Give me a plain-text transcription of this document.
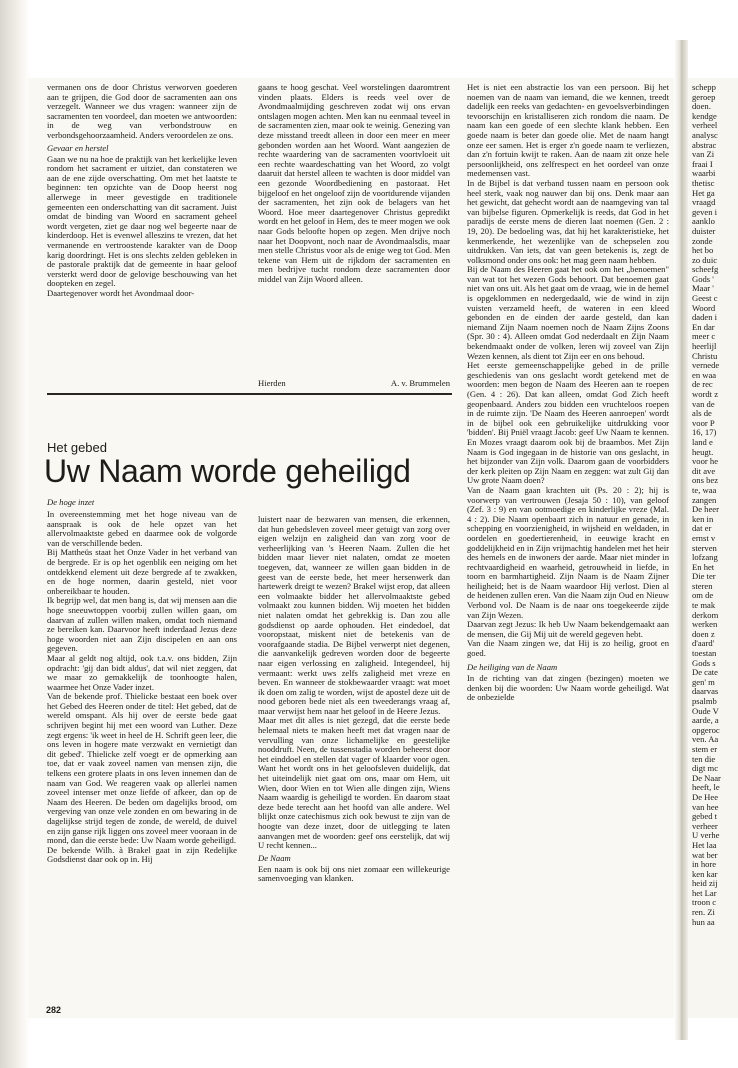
schepp

geroep

doen.

kendge

verheel

analysc

abstrac

van Zi

fraai I

waarbi

thetisc

Het ga

vraagd

geven i

aanklo

duister

zonde

het bo

zo duic

scheefg

Gods '

Maar '

Geest c

Woord

daden i

En dar

meer c

heerlijl

Christu

vernede

en waa

de rec

wordt z

van de

als de

voor P

16, 17)

land e

heugt.

voor he

dit ave

ons bez

te, waa

zangen

De heer

ken in

dat er

ernst v

sterven

lofzang

En het

Die ter

steren

om de

te mak

derkom

werken

doen z

d'aard'

toestan

Gods s

De cate

gen' m

daarvas

psalmb

Oude V

aarde, a

opgeroc

ven. Aa

stem er

ten die

digt mc

De Naar

heeft, le

De Hee

van hee

gebed t

verheer

U verhe

Het laa

wat ber

in hore

ken kar

heid zij

het Lar

troon c

ren. Zi

hun aa

vermanen ons de door Christus verworven goederen aan te grijpen, die God door de sacramenten aan ons verzegelt. Wanneer we dus vragen: wanneer zijn de sacramenten ten voordeel, dan moeten we antwoorden: in de weg van verbondstrouw en verbondsgehoorzaamheid. Anders veroordelen ze ons.

Gevaar en herstel

Gaan we nu na hoe de praktijk van het kerkelijke leven rondom het sacrament er uitziet, dan constateren we aan de ene zijde overschatting. Om met het laatste te beginnen: ten opzichte van de Doop heerst nog allerwege in meer gevestigde en traditionele gemeenten een onderschatting van dit sacrament. Juist omdat de binding van Woord en sacrament geheel wordt vergeten, ziet ge daar nog wel begeerte naar de kinderdoop. Het is evenwel alleszins te vrezen, dat het vermanende en vertroostende karakter van de Doop karig doordringt. Het is ons slechts zelden gebleken in de pastorale praktijk dat de gemeente in haar geloof versterkt werd door de gelovige beschouwing van het doopteken en zegel.

Daartegenover wordt het Avondmaal door-

gaans te hoog geschat. Veel worstelingen daaromtrent vinden plaats. Elders is reeds veel over de Avondmaalmijding geschreven zodat wij ons ervan ontslagen mogen achten. Men kan nu eenmaal teveel in de sacramenten zien, maar ook te weinig. Genezing van deze misstand treedt alleen in door een meer en meer gebonden worden aan het Woord. Want aangezien de rechte waardering van de sacramenten voortvloeit uit een rechte waardeschatting van het Woord, zo volgt daaruit dat herstel alleen te wachten is door middel van een gezonde Woordbediening en pastoraat. Het bijgeloof en het ongeloof zijn de voortdurende vijanden der sacramenten, het zijn ook de belagers van het Woord. Hoe meer daartegenover Christus gepredikt wordt en het geloof in Hem, des te meer mogen we ook naar Gods beloofte hopen op zegen. Men drijve noch naar het Doopvont, noch naar de Avondmaalsdis, maar men stelle Christus voor als de enige weg tot God. Men tekene van Hem uit de rijkdom der sacramenten en men bedrijve tucht rondom deze sacramenten door middel van Zijn Woord alleen.

Hierden	A. v. Brummelen
Het gebed
Uw Naam worde geheiligd
De hoge inzet

In overeenstemming met het hoge niveau van de aanspraak is ook de hele opzet van het allervolmaaktste gebed en daarmee ook de volgorde van de verschillende beden.

Bij Mattheüs staat het Onze Vader in het verband van de bergrede. Er is op het ogenblik een neiging om het ontdekkend element uit deze bergrede af te zwakken, en de hoge normen, daarin gesteld, niet voor onbereikbaar te houden.

Ik begrijp wel, dat men bang is, dat wij mensen aan die hoge sneeuwtoppen voorbij zullen willen gaan, om daarvan af zullen willen maken, omdat toch niemand ze bereiken kan. Daarvoor heeft inderdaad Jezus deze hoge woorden niet aan Zijn discipelen en aan ons gegeven.

Maar al geldt nog altijd, ook t.a.v. ons bidden, Zijn opdracht: 'gij dan bidt aldus', dat wil niet zeggen, dat we maar zo gemakkelijk de toonhoogte halen, waarmee het Onze Vader inzet.

Van de bekende prof. Thielicke bestaat een boek over het Gebed des Heeren onder de titel: Het gebed, dat de wereld omspant. Als hij over de eerste bede gaat schrijven begint hij met een woord van Luther. Deze zegt ergens: 'ik weet in heel de H. Schrift geen leer, die ons leven in hogere mate verzwakt en vernietigt dan dit gebed'. Thielicke zelf voegt er de opmerking aan toe, dat er vaak zoveel namen van mensen zijn, die telkens een grotere plaats in ons leven innemen dan de naam van God. We reageren vaak op allerlei namen zoveel intenser met onze liefde of afkeer, dan op de Naam des Heeren. De beden om dagelijks brood, om vergeving van onze vele zonden en om bewaring in de dagelijkse strijd tegen de zonde, de wereld, de duivel en zijn ganse rijk liggen ons zoveel meer vooraan in de mond, dan die eerste bede: Uw Naam worde geheiligd.

De bekende Wilh. à Brakel gaat in zijn Redelijke Godsdienst daar ook op in. Hij

luistert naar de bezwaren van mensen, die erkennen, dat hun gebedsleven zoveel meer getuigt van zorg over eigen welzijn en zaligheid dan van zorg voor de verheerlijking van 's Heeren Naam. Zullen die het bidden maar liever niet nalaten, omdat ze moeten toegeven, dat, wanneer ze willen gaan bidden in de geest van de eerste bede, het meer hersenwerk dan hartewerk dreigt te wezen? Brakel wijst erop, dat alleen een volmaakte bidder het allervolmaaktste gebed volmaakt zou kunnen bidden. Wij moeten het bidden niet nalaten omdat het gebrekkig is. Dan zou alle godsdienst op aarde ophouden. Het eindedoel, dat vooropstaat, miskent niet de betekenis van de voorafgaande stadia. De Bijbel verwerpt niet degenen, die aanvankelijk gedreven worden door de begeerte naar eigen verlossing en zaligheid. Integendeel, hij vermaant: werkt uws zelfs zaligheid met vreze en beven. En wanneer de stokbewaarder vraagt: wat moet ik doen om zalig te worden, wijst de apostel deze uit de nood geboren bede niet als een tweederangs vraag af, maar verwijst hem naar het geloof in de Heere Jezus.

Maar met dit alles is niet gezegd, dat die eerste bede helemaal niets te maken heeft met dat vragen naar de vervulling van onze lichamelijke en geestelijke nooddruft. Neen, de tussenstadia worden beheerst door het einddoel en stellen dat vager of klaarder voor ogen. Want het wordt ons in het geloofsleven duidelijk, dat het uiteindelijk niet gaat om ons, maar om Hem, uit Wien, door Wien en tot Wien alle dingen zijn, Wiens Naam waardig is geheiligd te worden. En daarom staat deze bede terecht aan het hoofd van alle andere. Wel blijkt onze catechismus zich ook bewust te zijn van de hoogte van deze inzet, door de uitlegging te laten aanvangen met de woorden: geef ons eerstelijk, dat wij U recht kennen...

De Naam

Een naam is ook bij ons niet zomaar een willekeurige samenvoeging van klanken.

Het is niet een abstractie los van een persoon. Bij het noemen van de naam van iemand, die we kennen, treedt dadelijk een reeks van gedachten- en gevoelsverbindingen tevoorschijn en kristalliseren zich rondom die naam. De naam kan een goede of een slechte klank hebben. Een goede naam is beter dan goede olie. Met de naam hangt onze eer samen. Het is erger z'n goede naam te verliezen, dan z'n fortuin kwijt te raken. Aan de naam zit onze hele persoonlijkheid, ons zelfrespect en het oordeel van onze medemensen vast.

In de Bijbel is dat verband tussen naam en persoon ook heel sterk, vaak nog nauwer dan bij ons. Denk maar aan het gewicht, dat gehecht wordt aan de naamgeving van tal van bijbelse figuren. Opmerkelijk is reeds, dat God in het paradijs de eerste mens de dieren laat noemen (Gen. 2 : 19, 20). De bedoeling was, dat hij het karakteristieke, het kenmerkende, het wezenlijke van de schepselen zou uitdrukken. Van iets, dat van geen betekenis is, zegt de volksmond onder ons ook: het mag geen naam hebben.

Bij de Naam des Heeren gaat het ook om het „benoemen" van wat tot het wezen Gods behoort. Dat benoemen gaat niet van ons uit. Als het gaat om de vraag, wie in de hemel is opgeklommen en nedergedaald, wie de wind in zijn vuisten verzameld heeft, de wateren in een kleed gebonden en de einden der aarde gesteld, dan kan niemand Zijn Naam noemen noch de Naam Zijns Zoons (Spr. 30 : 4). Alleen omdat God nederdaalt en Zijn Naam bekendmaakt onder de volken, leren wij zoveel van Zijn Wezen kennen, als dient tot Zijn eer en ons behoud.

Het eerste gemeenschappelijke gebed in de prille geschiedenis van ons geslacht wordt getekend met de woorden: men begon de Naam des Heeren aan te roepen (Gen. 4 : 26). Dat kan alleen, omdat God Zich heeft geopenbaard. Anders zou bidden een vruchteloos roepen in de ruimte zijn. 'De Naam des Heeren aanroepen' wordt in de bijbel ook een gebruikelijke uitdrukking voor 'bidden'. Bij Pniël vraagt Jacob: geef Uw Naam te kennen. En Mozes vraagt daarom ook bij de braambos. Met Zijn Naam is God ingegaan in de historie van ons geslacht, in het bijzonder van Zijn volk. Daarom gaan de voorbidders der kerk pleiten op Zijn Naam en zeggen: wat zult Gij dan Uw grote Naam doen?

Van de Naam gaan krachten uit (Ps. 20 : 2); hij is voorwerp van vertrouwen (Jesaja 50 : 10), van geloof (Zef. 3 : 9) en van ootmoedige en kinderlijke vreze (Mal. 4 : 2). Die Naam openbaart zich in natuur en genade, in schepping en voorzienigheid, in wijsheid en weldaden, in oordelen en goedertierenheid, in eeuwige kracht en goddelijkheid en in Zijn vrijmachtig handelen met het heir des hemels en de inwoners der aarde. Maar niet minder in rechtvaardigheid en waarheid, getrouwheid in liefde, in toorn en barmhartigheid. Zijn Naam is de Naam Zijner heiligheid; het is de Naam waardoor Hij verlost. Dien al de heidenen zullen eren. Van die Naam zijn Oud en Nieuw Verbond vol. De Naam is de naar ons toegekeerde zijde van Zijn Wezen.

Daarvan zegt Jezus: Ik heb Uw Naam bekendgemaakt aan de mensen, die Gij Mij uit de wereld gegeven hebt.

Van die Naam zingen we, dat Hij is zo heilig, groot en goed.

De heiliging van de Naam

In de richting van dat zingen (bezingen) moeten we denken bij die woorden: Uw Naam worde geheiligd. Wat de onbezielde

282
